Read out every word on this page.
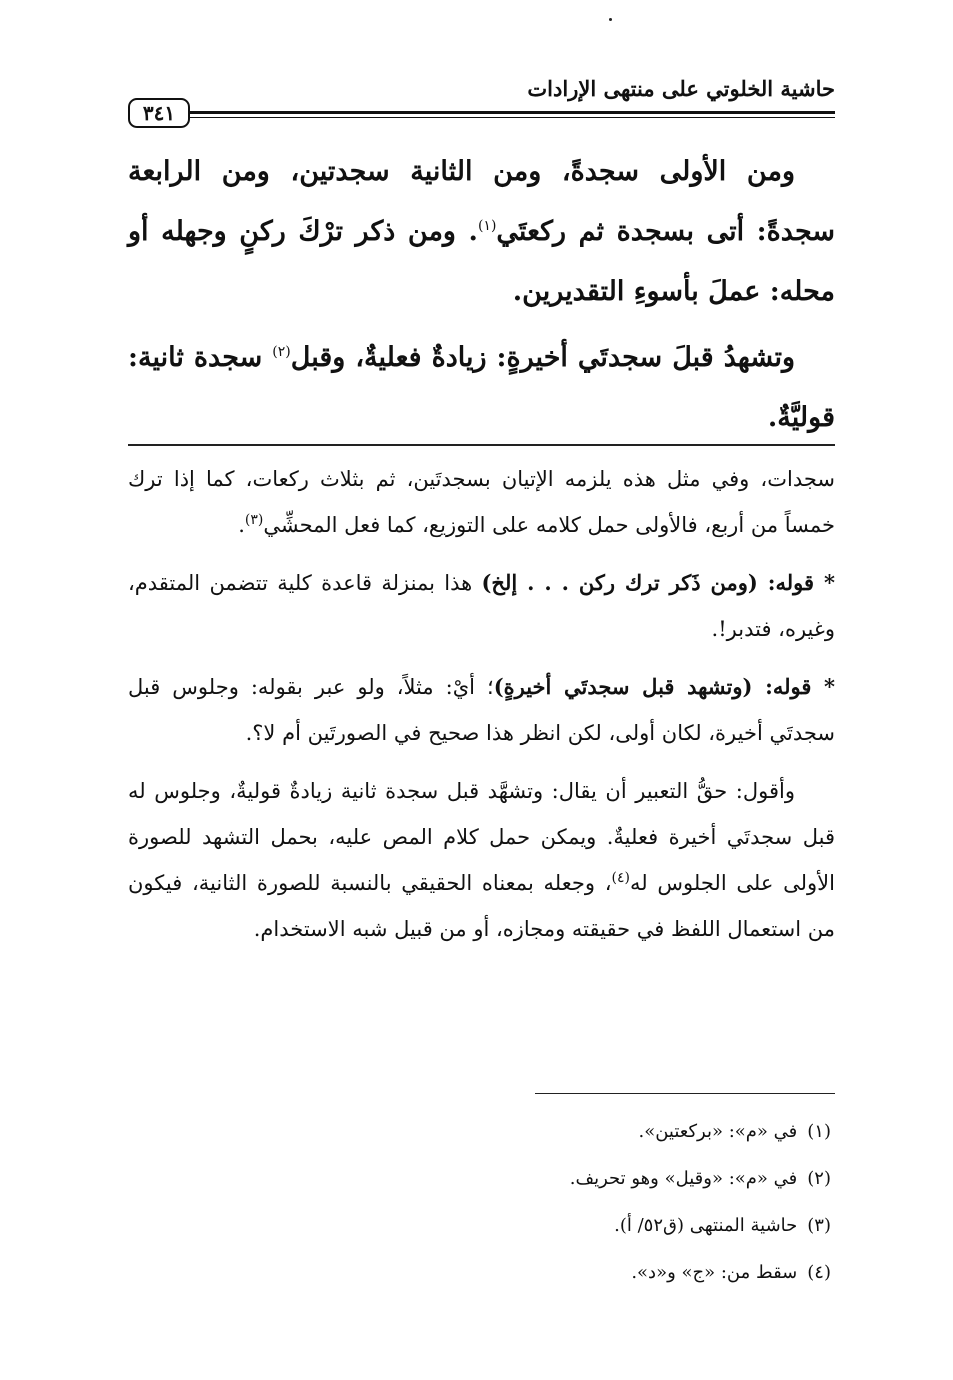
حاشية الخلوتي على منتهى الإرادات
٣٤١

ومن الأولى سجدةً، ومن الثانية سجدتين، ومن الرابعة سجدةً: أتى بسجدة ثم ركعتَي$^{(١)}$. ومن ذكر ترْكَ ركنٍ وجهله أو محله: عملَ بأسوءِ التقديرين.

وتشهدُ قبلَ سجدتَي أخيرةٍ: زيادةٌ فعليةٌ، وقبل$^{(٢)}$ سجدة ثانية: قوليَّةٌ.

سجدات، وفي مثل هذه يلزمه الإتيان بسجدتَين، ثم بثلاث ركعات، كما إذا ترك خمساً من أربع، فالأولى حمل كلامه على التوزيع، كما فعل المحشِّي$^{(٣)}$.

* قوله: (ومن ذَكر ترك ركن . . . إلخ) هذا بمنزلة قاعدة كلية تتضمن المتقدم، وغيره، فتدبر!.

* قوله: (وتشهد قبل سجدتَي أخيرةٍ)؛ أيْ: مثلاً، ولو عبر بقوله: وجلوس قبل سجدتَي أخيرة، لكان أولى، لكن انظر هذا صحيح في الصورتَين أم لا؟.

وأقول: حقُّ التعبير أن يقال: وتشهَّد قبل سجدة ثانية زيادةٌ قوليةٌ، وجلوس له قبل سجدتَي أخيرة فعليةٌ. ويمكن حمل كلام المص عليه، بحمل التشهد للصورة الأولى على الجلوس له$^{(٤)}$، وجعله بمعناه الحقيقي بالنسبة للصورة الثانية، فيكون من استعمال اللفظ في حقيقته ومجازه، أو من قبيل شبه الاستخدام.

(١)في «م»: «بركعتين».
(٢)في «م»: «وقيل» وهو تحريف.
(٣)حاشية المنتهى (ق٥٢/ أ).
(٤)سقط من: «ج» و«د».
